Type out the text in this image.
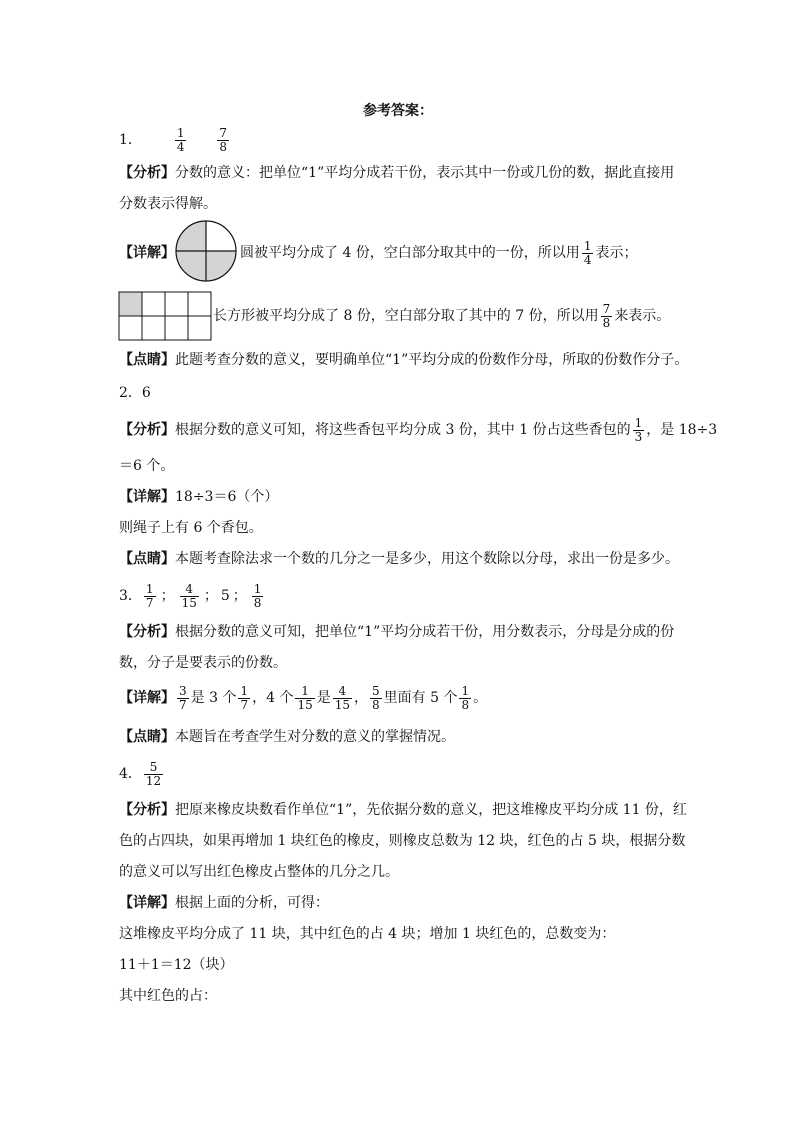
参考答案：
1．	$\frac{1}{4}$
	$\frac{7}{8}$
【分析】分数的意义：把单位“1”平均分成若干份，表示其中一份或几份的数，据此直接用
分数表示得解。
【详解】	圆被平均分成了 4 份，空白部分取其中的一份，所以用 $\frac{1}{4}$ 表示；
长方形被平均分成了 8 份，空白部分取了其中的 7 份，所以用 $\frac{7}{8}$ 来表示。
【点睛】此题考查分数的意义，要明确单位“1”平均分成的份数作分母，所取的份数作分子。
2．6
【分析】根据分数的意义可知，将这些香包平均分成 3 份，其中 1 份占这些香包的 $\frac{1}{3}$ ，是 18÷3
＝6 个。
【详解】18÷3＝6（个）
则绳子上有 6 个香包。
【点睛】本题考查除法求一个数的几分之一是多少，用这个数除以分母，求出一份是多少。
3． $\frac{1}{7}$ ； $\frac{4}{15}$ ； 5 ； $\frac{1}{8}$
【分析】根据分数的意义可知，把单位“1”平均分成若干份，用分数表示，分母是分成的份
数，分子是要表示的份数。
【详解】 $\frac{3}{7}$ 是 3 个 $\frac{1}{7}$ ，4 个 $\frac{1}{15}$ 是 $\frac{4}{15}$ ， $\frac{5}{8}$ 里面有 5 个 $\frac{1}{8}$ 。
【点睛】本题旨在考查学生对分数的意义的掌握情况。
4． $\frac{5}{12}$
【分析】把原来橡皮块数看作单位“1”，先依据分数的意义，把这堆橡皮平均分成 11 份，红
色的占四块，如果再增加 1 块红色的橡皮，则橡皮总数为 12 块，红色的占 5 块，根据分数
的意义可以写出红色橡皮占整体的几分之几。
【详解】根据上面的分析，可得：
这堆橡皮平均分成了 11 块，其中红色的占 4 块；增加 1 块红色的，总数变为：
11＋1＝12（块）
其中红色的占：
